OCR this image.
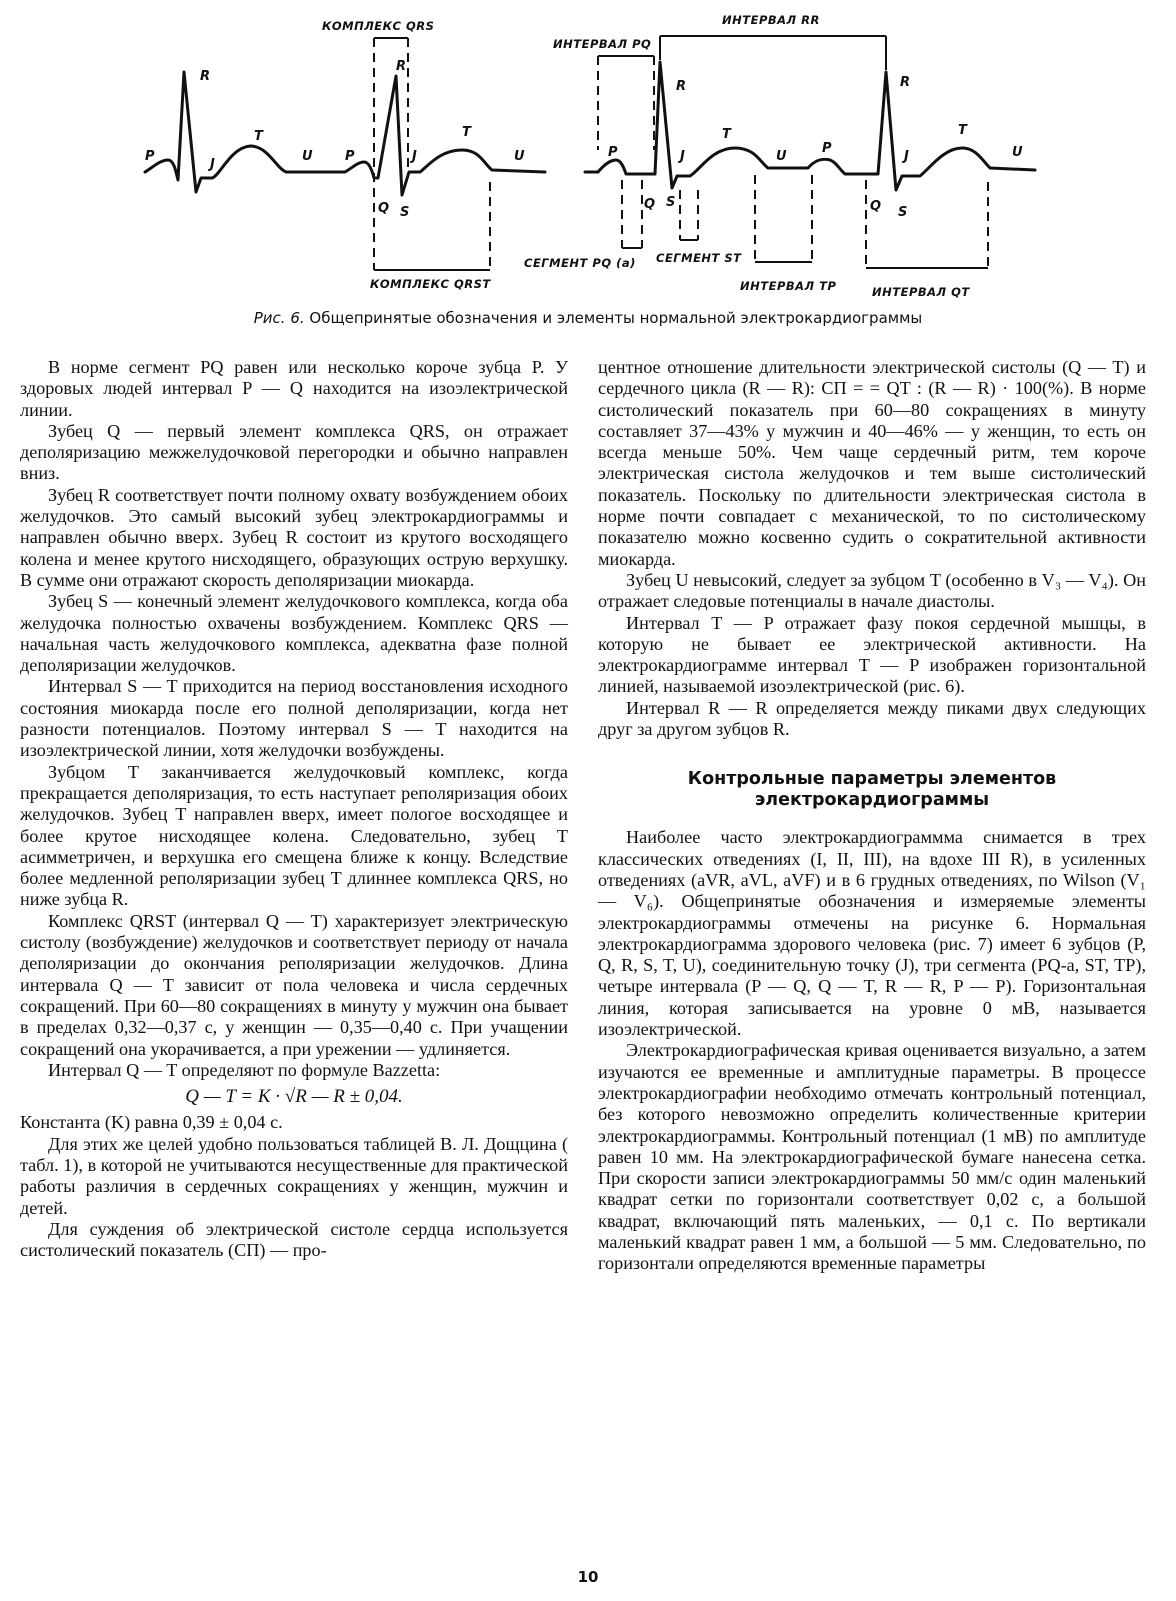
КОМПЛЕКС QRS
КОМПЛЕКС QRST
ИНТЕРВАЛ RR
ИНТЕРВАЛ PQ
СЕГМЕНТ PQ (a) СЕГМЕНТ ST
ИНТЕРВАЛ TP	ИНТЕРВАЛ QT
P
R
J
T
U P
R
J
T
U
Q S
P
R
J
T
U
P
R
J
T
U
Q S	Q S
Рис. 6. Общепринятые обозначения и элементы нормальной электрокардиограммы

В норме сегмент PQ равен или несколько короче зубца P. У здоровых людей интервал P — Q находится на изоэлектрической линии.

Зубец Q — первый элемент комплекса QRS, он отражает деполяризацию межжелудочковой перегородки и обычно направлен вниз.

Зубец R соответствует почти полному охвату возбуждением обоих желудочков. Это самый высокий зубец электрокардиограммы и направлен обычно вверх. Зубец R состоит из крутого восходящего колена и менее крутого нисходящего, образующих острую верхушку. В сумме они отражают скорость деполяризации миокарда.

Зубец S — конечный элемент желудочкового комплекса, когда оба желудочка полностью охвачены возбуждением. Комплекс QRS — начальная часть желудочкового комплекса, адекватна фазе полной деполяризации желудочков.

Интервал S — T приходится на период восстановления исходного состояния миокарда после его полной деполяризации, когда нет разности потенциалов. Поэтому интервал S — T находится на изоэлектрической линии, хотя желудочки возбуждены.

Зубцом T заканчивается желудочковый комплекс, когда прекращается деполяризация, то есть наступает реполяризация обоих желудочков. Зубец T направлен вверх, имеет пологое восходящее и более крутое нисходящее колена. Следовательно, зубец T асимметричен, и верхушка его смещена ближе к концу. Вследствие более медленной реполяризации зубец T длиннее комплекса QRS, но ниже зубца R.

Комплекс QRST (интервал Q — T) характеризует электрическую систолу (возбуждение) желудочков и соответствует периоду от начала деполяризации до окончания реполяризации желудочков. Длина интервала Q — T зависит от пола человека и числа сердечных сокращений. При 60—80 сокращениях в минуту у мужчин она бывает в пределах 0,32—0,37 с, у женщин — 0,35—0,40 с. При учащении сокращений она укорачивается, а при урежении — удлиняется.

Интервал Q — T определяют по формуле Bazzetta:

Q — T = K · √R — R ± 0,04.

Константа (K) равна 0,39 ± 0,04 с.

Для этих же целей удобно пользоваться таблицей В. Л. Дощцина ( табл. 1), в которой не учитываются несущественные для практической работы различия в сердечных сокращениях у женщин, мужчин и детей.

Для суждения об электрической систоле сердца используется систолический показатель (СП) — про-

центное отношение длительности электрической систолы (Q — T) и сердечного цикла (R — R): СП = = QT : (R — R) · 100(%). В норме систолический показатель при 60—80 сокращениях в минуту составляет 37—43% у мужчин и 40—46% — у женщин, то есть он всегда меньше 50%. Чем чаще сердечный ритм, тем короче электрическая систола желудочков и тем выше систолический показатель. Поскольку по длительности электрическая систола в норме почти совпадает с механической, то по систолическому показателю можно косвенно судить о сократительной активности миокарда.

Зубец U невысокий, следует за зубцом T (особенно в V₃ — V₄). Он отражает следовые потенциалы в начале диастолы.

Интервал T — P отражает фазу покоя сердечной мышцы, в которую не бывает ее электрической активности. На электрокардиограмме интервал T — P изображен горизонтальной линией, называемой изоэлектрической (рис. 6).

Интервал R — R определяется между пиками двух следующих друг за другом зубцов R.

Контрольные параметры элементов электрокардиограммы

Наиболее часто электрокардиограммма снимается в трех классических отведениях (I, II, III), на вдохе III R), в усиленных отведениях (aVR, aVL, aVF) и в 6 грудных отведениях, по Wilson (V₁ — V₆). Общепринятые обозначения и измеряемые элементы электрокардиограммы отмечены на рисунке 6. Нормальная электрокардиограмма здорового человека (рис. 7) имеет 6 зубцов (P, Q, R, S, T, U), соединительную точку (J), три сегмента (PQ-a, ST, TP), четыре интервала (P — Q, Q — T, R — R, P — P). Горизонтальная линия, которая записывается на уровне 0 мВ, называется изоэлектрической.

Электрокардиографическая кривая оценивается визуально, а затем изучаются ее временные и амплитудные параметры. В процессе электрокардиографии необходимо отмечать контрольный потенциал, без которого невозможно определить количественные критерии электрокардиограммы. Контрольный потенциал (1 мВ) по амплитуде равен 10 мм. На электрокардиографической бумаге нанесена сетка. При скорости записи электрокардиограммы 50 мм/с один маленький квадрат сетки по горизонтали соответствует 0,02 с, а большой квадрат, включающий пять маленьких, — 0,1 с. По вертикали маленький квадрат равен 1 мм, а большой — 5 мм. Следовательно, по горизонтали определяются временные параметры

10
